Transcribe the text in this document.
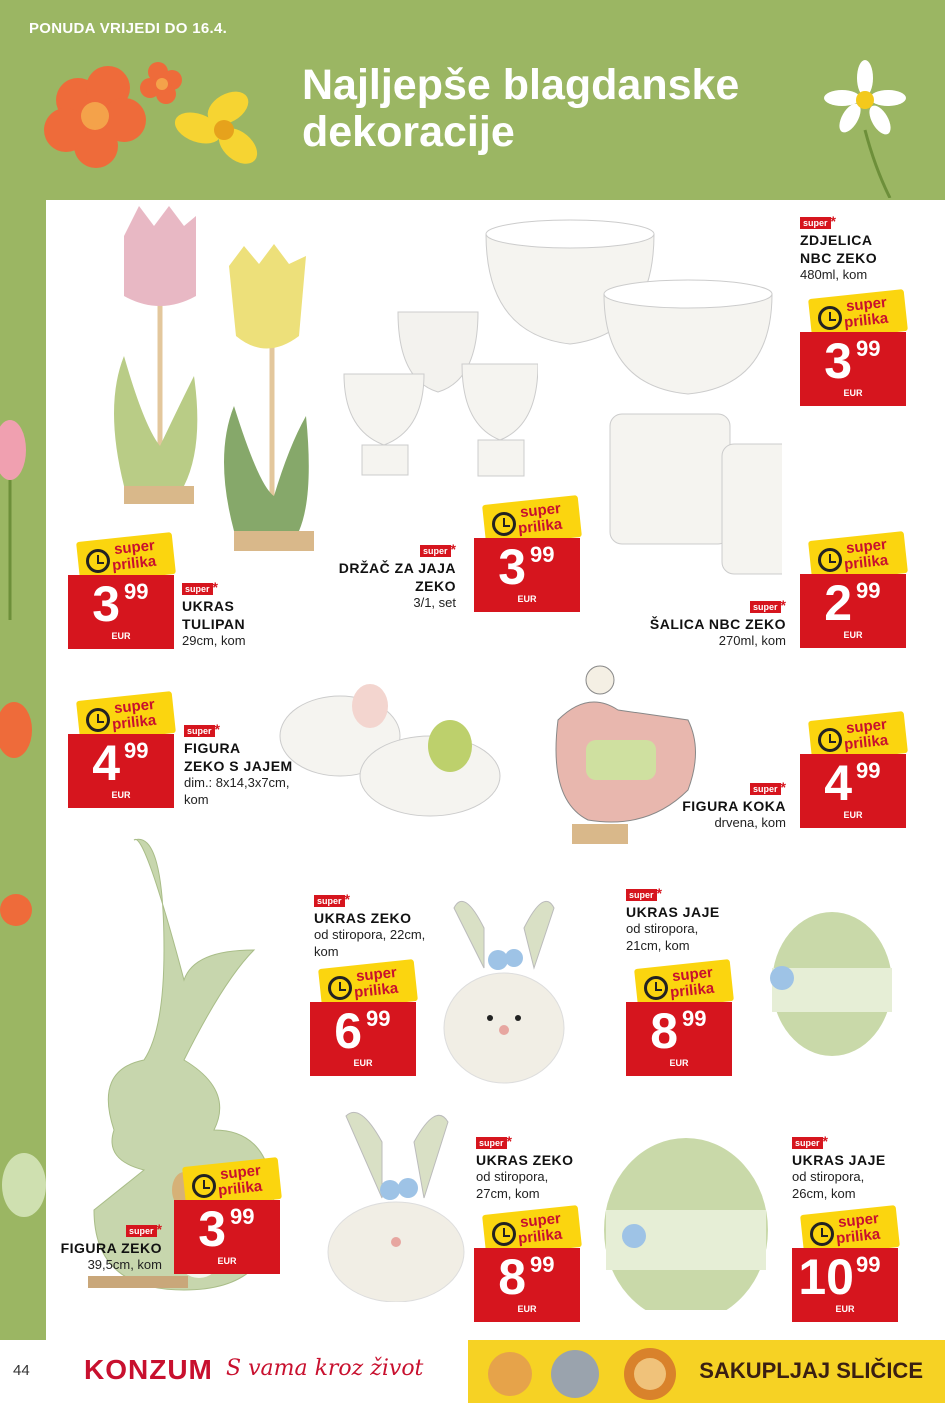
PONUDA VRIJEDI DO 16.4.
Najljepše blagdanske
dekoracije
super
prilika
3 99
EUR
super *
UKRAS
TULIPAN
29cm, kom
super *
DRŽAČ ZA JAJA
ZEKO
3/1, set
super
prilika
3 99
EUR
super *
ZDJELICA
NBC ZEKO
480ml, kom
super
prilika
3 99
EUR
super *
ŠALICA NBC ZEKO
270ml, kom
super
prilika
2 99
EUR
super
prilika
4 99
EUR
super *
FIGURA
ZEKO S JAJEM
dim.: 8x14,3x7cm,
kom
super *
FIGURA KOKA
drvena, kom
super
prilika
4 99
EUR
super *
UKRAS ZEKO
od stiropora, 22cm,
kom
super
prilika
6 99
EUR
super *
UKRAS JAJE
od stiropora,
21cm, kom
super
prilika
8 99
EUR
super
prilika
3 99
EUR
super *
FIGURA ZEKO
39,5cm, kom
super *
UKRAS ZEKO
od stiropora,
27cm, kom
super
prilika
8 99
EUR
super *
UKRAS JAJE
od stiropora,
26cm, kom
super
prilika
10 99
EUR
44 KONZUM S vama kroz život	SAKUPLJAJ SLIČICE
